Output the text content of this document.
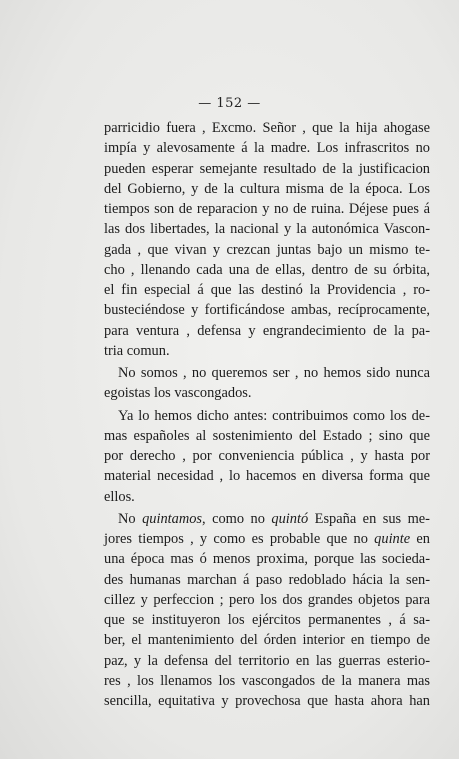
— 152 —
parricidio fuera , Excmo. Señor , que la hija ahogase
impía y alevosamente á la madre. Los infrascritos no
pueden esperar semejante resultado de la justificacion
del Gobierno, y de la cultura misma de la época. Los
tiempos son de reparacion y no de ruina. Déjese pues á
las dos libertades, la nacional y la autonómica Vascon-
gada , que vivan y crezcan juntas bajo un mismo te-
cho , llenando cada una de ellas, dentro de su órbita,
el fin especial á que las destinó la Providencia , ro-
busteciéndose y fortificándose ambas, recíprocamente,
para ventura , defensa y engrandecimiento de la pa-
tria comun.
No somos , no queremos ser , no hemos sido nunca
egoistas los vascongados.
Ya lo hemos dicho antes: contribuimos como los de-
mas españoles al sostenimiento del Estado ; sino que
por derecho , por conveniencia pública , y hasta por
material necesidad , lo hacemos en diversa forma que
ellos.
No quintamos, como no quintó España en sus me-
jores tiempos , y como es probable que no quinte en
una época mas ó menos proxima, porque las socieda-
des humanas marchan á paso redoblado hácia la sen-
cillez y perfeccion ; pero los dos grandes objetos para
que se instituyeron los ejércitos permanentes , á sa-
ber, el mantenimiento del órden interior en tiempo de
paz, y la defensa del territorio en las guerras esterio-
res , los llenamos los vascongados de la manera mas
sencilla, equitativa y provechosa que hasta ahora han
